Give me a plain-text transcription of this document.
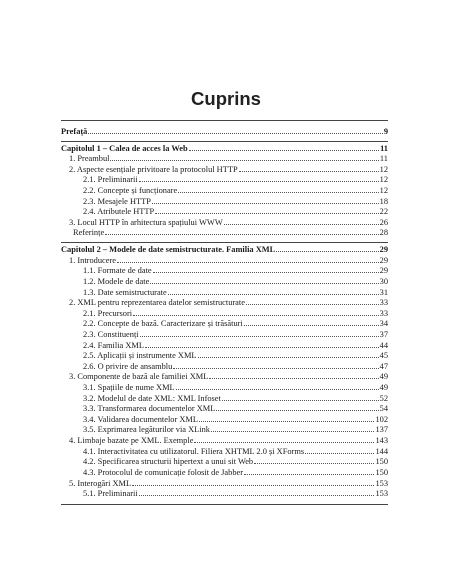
Cuprins
Prefață	9
Capitolul 1 – Calea de acces la Web	11
1. Preambul	11
2. Aspecte esențiale privitoare la protocolul HTTP	12
2.1. Preliminarii	12
2.2. Concepte și funcționare	12
2.3. Mesajele HTTP	18
2.4. Atributele HTTP	22
3. Locul HTTP în arhitectura spațiului WWW	26
Referințe	28
Capitolul 2 – Modele de date semistructurate. Familia XML	29
1. Introducere	29
1.1. Formate de date	29
1.2. Modele de date	30
1.3. Date semistructurate	31
2. XML pentru reprezentarea datelor semistructurate	33
2.1. Precursori	33
2.2. Concepte de bază. Caracterizare și trăsături	34
2.3. Constituenți	37
2.4. Familia XML	44
2.5. Aplicații și instrumente XML	45
2.6. O privire de ansamblu	47
3. Componente de bază ale familiei XML	49
3.1. Spațiile de nume XML	49
3.2. Modelul de date XML: XML Infoset	52
3.3. Transformarea documentelor XML	54
3.4. Validarea documentelor XML	102
3.5. Exprimarea legăturilor via XLink	137
4. Limbaje bazate pe XML. Exemple	143
4.1. Interactivitatea cu utilizatorul. Filiera XHTML 2.0 și XForms	144
4.2. Specificarea structurii hipertext a unui sit Web	150
4.3. Protocolul de comunicație folosit de Jabber	150
5. Interogări XML	153
5.1. Preliminarii	153
